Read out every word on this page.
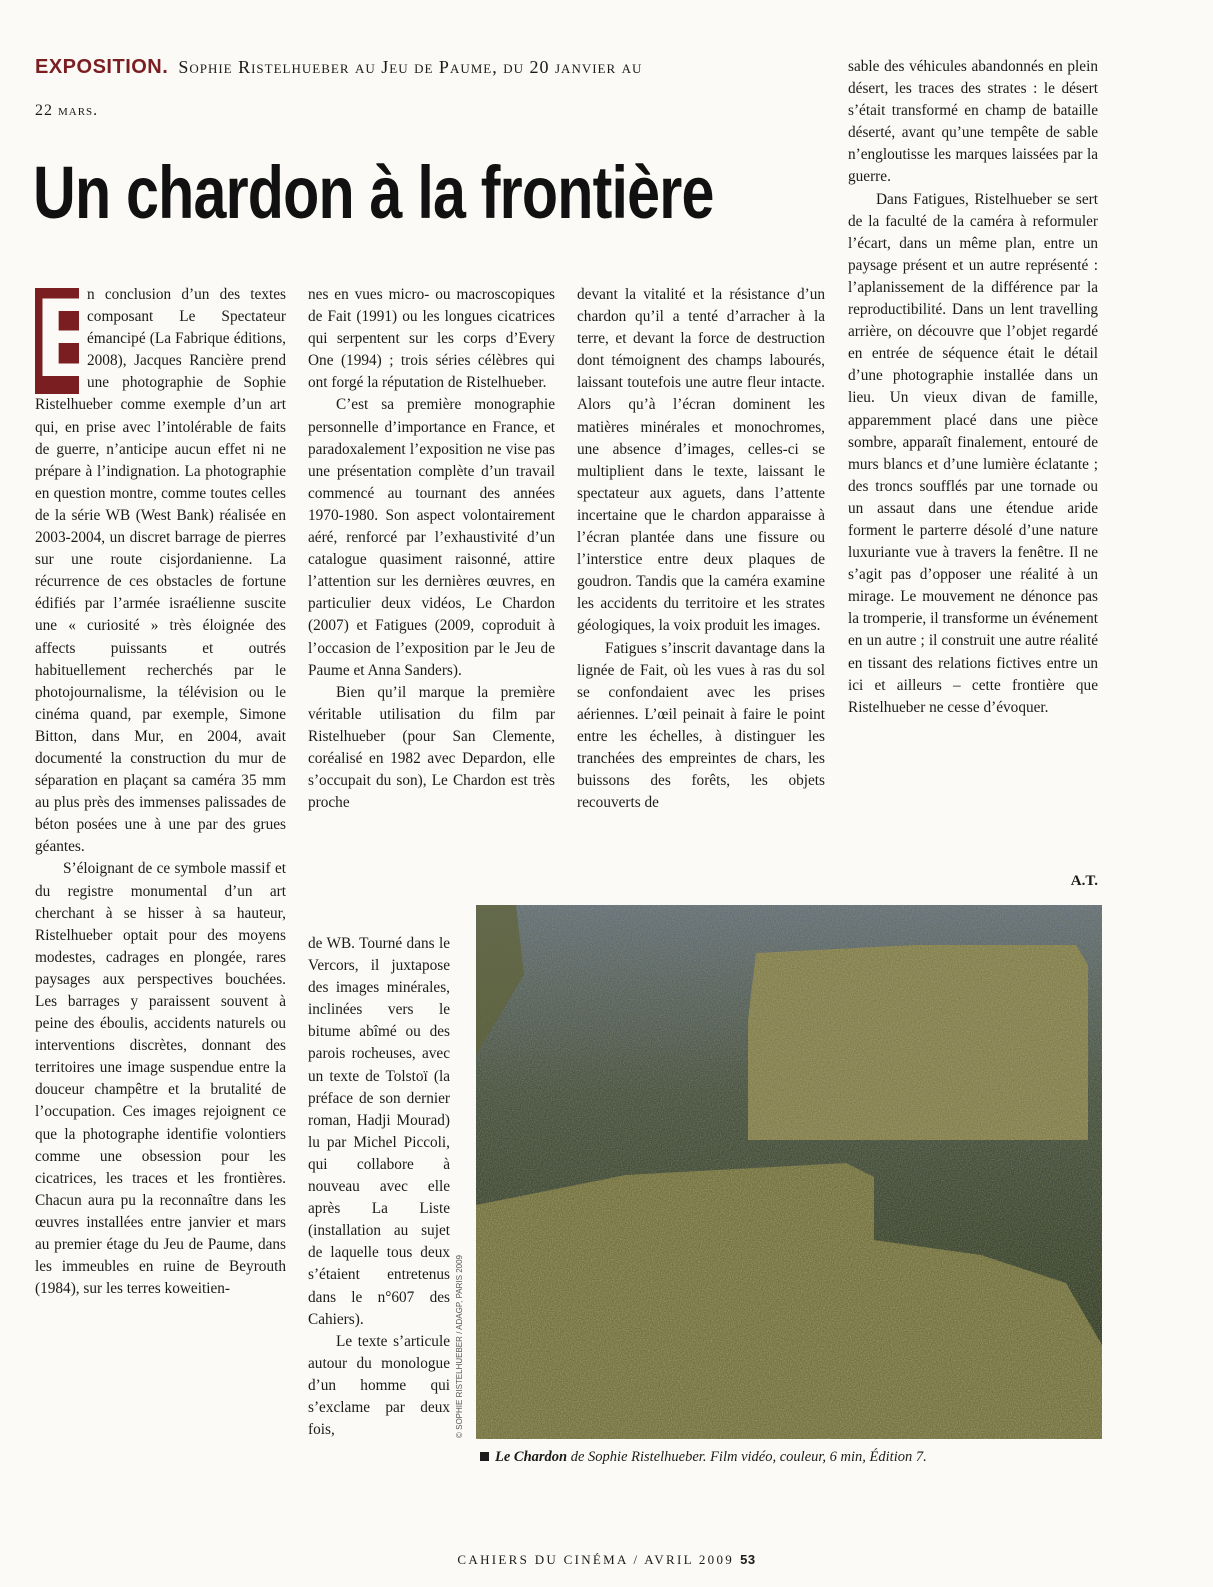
EXPOSITION. Sophie Ristelhueber au Jeu de Paume, du 20 janvier au
22 mars.
Un chardon à la frontière
E

n conclusion d’un des textes composant Le Spectateur émancipé (La Fabrique éditions, 2008), Jacques Rancière prend une photographie de Sophie Ristelhueber comme exemple d’un art qui, en prise avec l’intolérable de faits de guerre, n’anticipe aucun effet ni ne prépare à l’indignation. La photographie en question montre, comme toutes celles de la série WB (West Bank) réalisée en 2003-2004, un discret barrage de pierres sur une route cisjordanienne. La récurrence de ces obstacles de fortune édifiés par l’armée israélienne suscite une « curiosité » très éloignée des affects puissants et outrés habituellement recherchés par le photojournalisme, la télévision ou le cinéma quand, par exemple, Simone Bitton, dans Mur, en 2004, avait documenté la construction du mur de séparation en plaçant sa caméra 35 mm au plus près des immenses palissades de béton posées une à une par des grues géantes.

S’éloignant de ce symbole massif et du registre monumental d’un art cherchant à se hisser à sa hauteur, Ristelhueber optait pour des moyens modestes, cadrages en plongée, rares paysages aux perspectives bouchées. Les barrages y paraissent souvent à peine des éboulis, accidents naturels ou interventions discrètes, donnant des territoires une image suspendue entre la douceur champêtre et la brutalité de l’occupation. Ces images rejoignent ce que la photographe identifie volontiers comme une obsession pour les cicatrices, les traces et les frontières. Chacun aura pu la reconnaître dans les œuvres installées entre janvier et mars au premier étage du Jeu de Paume, dans les immeubles en ruine de Beyrouth (1984), sur les terres koweitien-

nes en vues micro- ou macroscopiques de Fait (1991) ou les longues cicatrices qui serpentent sur les corps d’Every One (1994) ; trois séries célèbres qui ont forgé la réputation de Ristelhueber.

C’est sa première monographie personnelle d’importance en France, et paradoxalement l’exposition ne vise pas une présentation complète d’un travail commencé au tournant des années 1970-1980. Son aspect volontairement aéré, renforcé par l’exhaustivité d’un catalogue quasiment raisonné, attire l’attention sur les dernières œuvres, en particulier deux vidéos, Le Chardon (2007) et Fatigues (2009, coproduit à l’occasion de l’exposition par le Jeu de Paume et Anna Sanders).

Bien qu’il marque la première véritable utilisation du film par Ristelhueber (pour San Clemente, coréalisé en 1982 avec Depardon, elle s’occupait du son), Le Chardon est très proche

de WB. Tourné dans le Vercors, il juxtapose des images minérales, inclinées vers le bitume abîmé ou des parois rocheuses, avec un texte de Tolstoï (la préface de son dernier roman, Hadji Mourad) lu par Michel Piccoli, qui collabore à nouveau avec elle après La Liste (installation au sujet de laquelle tous deux s’étaient entretenus dans le n°607 des Cahiers).

Le texte s’articule autour du monologue d’un homme qui s’exclame par deux fois,

devant la vitalité et la résistance d’un chardon qu’il a tenté d’arracher à la terre, et devant la force de destruction dont témoignent des champs labourés, laissant toutefois une autre fleur intacte. Alors qu’à l’écran dominent les matières minérales et monochromes, une absence d’images, celles-ci se multiplient dans le texte, laissant le spectateur aux aguets, dans l’attente incertaine que le chardon apparaisse à l’écran plantée dans une fissure ou l’interstice entre deux plaques de goudron. Tandis que la caméra examine les accidents du territoire et les strates géologiques, la voix produit les images.

Fatigues s’inscrit davantage dans la lignée de Fait, où les vues à ras du sol se confondaient avec les prises aériennes. L’œil peinait à faire le point entre les échelles, à distinguer les tranchées des empreintes de chars, les buissons des forêts, les objets recouverts de

sable des véhicules abandonnés en plein désert, les traces des strates : le désert s’était transformé en champ de bataille déserté, avant qu’une tempête de sable n’engloutisse les marques laissées par la guerre.

Dans Fatigues, Ristelhueber se sert de la faculté de la caméra à reformuler l’écart, dans un même plan, entre un paysage présent et un autre représenté : l’aplanissement de la différence par la reproductibilité. Dans un lent travelling arrière, on découvre que l’objet regardé en entrée de séquence était le détail d’une photographie installée dans un lieu. Un vieux divan de famille, apparemment placé dans une pièce sombre, apparaît finalement, entouré de murs blancs et d’une lumière éclatante ; des troncs soufflés par une tornade ou un assaut dans une étendue aride forment le parterre désolé d’une nature luxuriante vue à travers la fenêtre. Il ne s’agit pas d’opposer une réalité à un mirage. Le mouvement ne dénonce pas la tromperie, il transforme un événement en un autre ; il construit une autre réalité en tissant des relations fictives entre un ici et ailleurs – cette frontière que Ristelhueber ne cesse d’évoquer.

A.T.
© SOPHIE RISTELHUEBER / ADAGP, PARIS 2009
Le Chardon de Sophie Ristelhueber. Film vidéo, couleur, 6 min, Édition 7.
CAHIERS DU CINÉMA / AVRIL 2009 53
